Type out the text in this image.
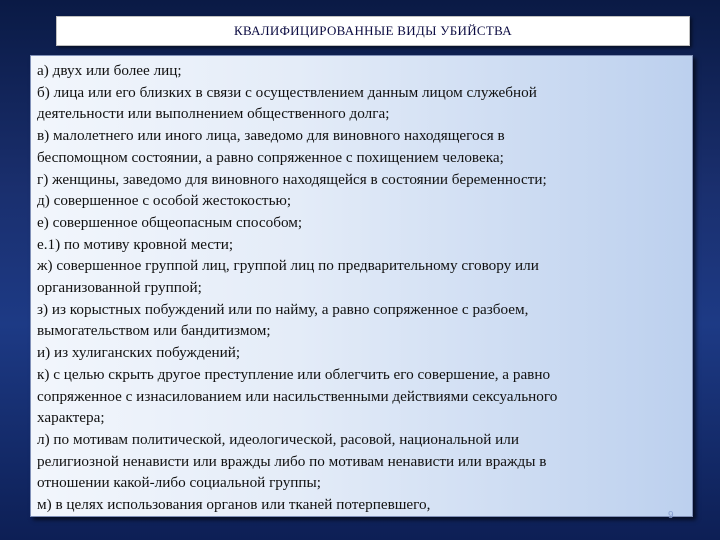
КВАЛИФИЦИРОВАННЫЕ ВИДЫ УБИЙСТВА
а) двух или более лиц;
б) лица или его близких в связи с осуществлением данным лицом служебной
деятельности или выполнением общественного долга;
в) малолетнего или иного лица, заведомо для виновного находящегося в
беспомощном состоянии, а равно сопряженное с похищением человека;
г) женщины, заведомо для виновного находящейся в состоянии беременности;
д) совершенное с особой жестокостью;
е) совершенное общеопасным способом;
е.1) по мотиву кровной мести;
ж) совершенное группой лиц, группой лиц по предварительному сговору или
организованной группой;
з) из корыстных побуждений или по найму, а равно сопряженное с разбоем,
вымогательством или бандитизмом;
и) из хулиганских побуждений;
к) с целью скрыть другое преступление или облегчить его совершение, а равно
сопряженное с изнасилованием или насильственными действиями сексуального
характера;
л) по мотивам политической, идеологической, расовой, национальной или
религиозной ненависти или вражды либо по мотивам ненависти или вражды в
отношении какой-либо социальной группы;
м) в целях использования органов или тканей потерпевшего,
9
